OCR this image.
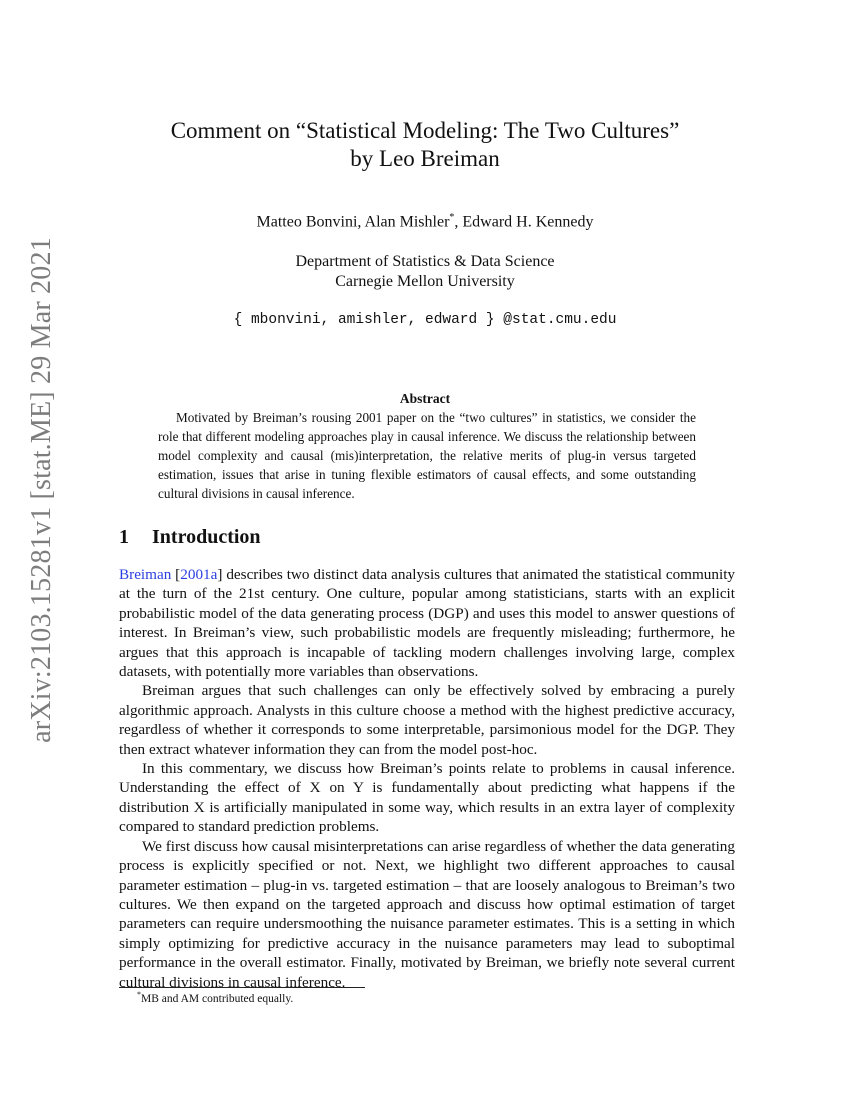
arXiv:2103.15281v1 [stat.ME] 29 Mar 2021
Comment on “Statistical Modeling: The Two Cultures”
by Leo Breiman
Matteo Bonvini, Alan Mishler*, Edward H. Kennedy
Department of Statistics & Data Science
Carnegie Mellon University
{ mbonvini, amishler, edward } @stat.cmu.edu
Abstract
Motivated by Breiman’s rousing 2001 paper on the “two cultures” in statistics, we consider the role that different modeling approaches play in causal inference. We discuss the relationship between model complexity and causal (mis)interpretation, the relative merits of plug-in versus targeted estimation, issues that arise in tuning flexible estimators of causal effects, and some outstanding cultural divisions in causal inference.
1 Introduction

Breiman [2001a] describes two distinct data analysis cultures that animated the statistical community at the turn of the 21st century. One culture, popular among statisticians, starts with an explicit probabilistic model of the data generating process (DGP) and uses this model to answer questions of interest. In Breiman’s view, such probabilistic models are frequently misleading; furthermore, he argues that this approach is incapable of tackling modern challenges involving large, complex datasets, with potentially more variables than observations.

Breiman argues that such challenges can only be effectively solved by embracing a purely algorithmic approach. Analysts in this culture choose a method with the highest predictive accuracy, regardless of whether it corresponds to some interpretable, parsimonious model for the DGP. They then extract whatever information they can from the model post-hoc.

In this commentary, we discuss how Breiman’s points relate to problems in causal inference. Understanding the effect of X on Y is fundamentally about predicting what happens if the distribution X is artificially manipulated in some way, which results in an extra layer of complexity compared to standard prediction problems.

We first discuss how causal misinterpretations can arise regardless of whether the data generating process is explicitly specified or not. Next, we highlight two different approaches to causal parameter estimation – plug-in vs. targeted estimation – that are loosely analogous to Breiman’s two cultures. We then expand on the targeted approach and discuss how optimal estimation of target parameters can require undersmoothing the nuisance parameter estimates. This is a setting in which simply optimizing for predictive accuracy in the nuisance parameters may lead to suboptimal performance in the overall estimator. Finally, motivated by Breiman, we briefly note several current cultural divisions in causal inference.

*MB and AM contributed equally.
